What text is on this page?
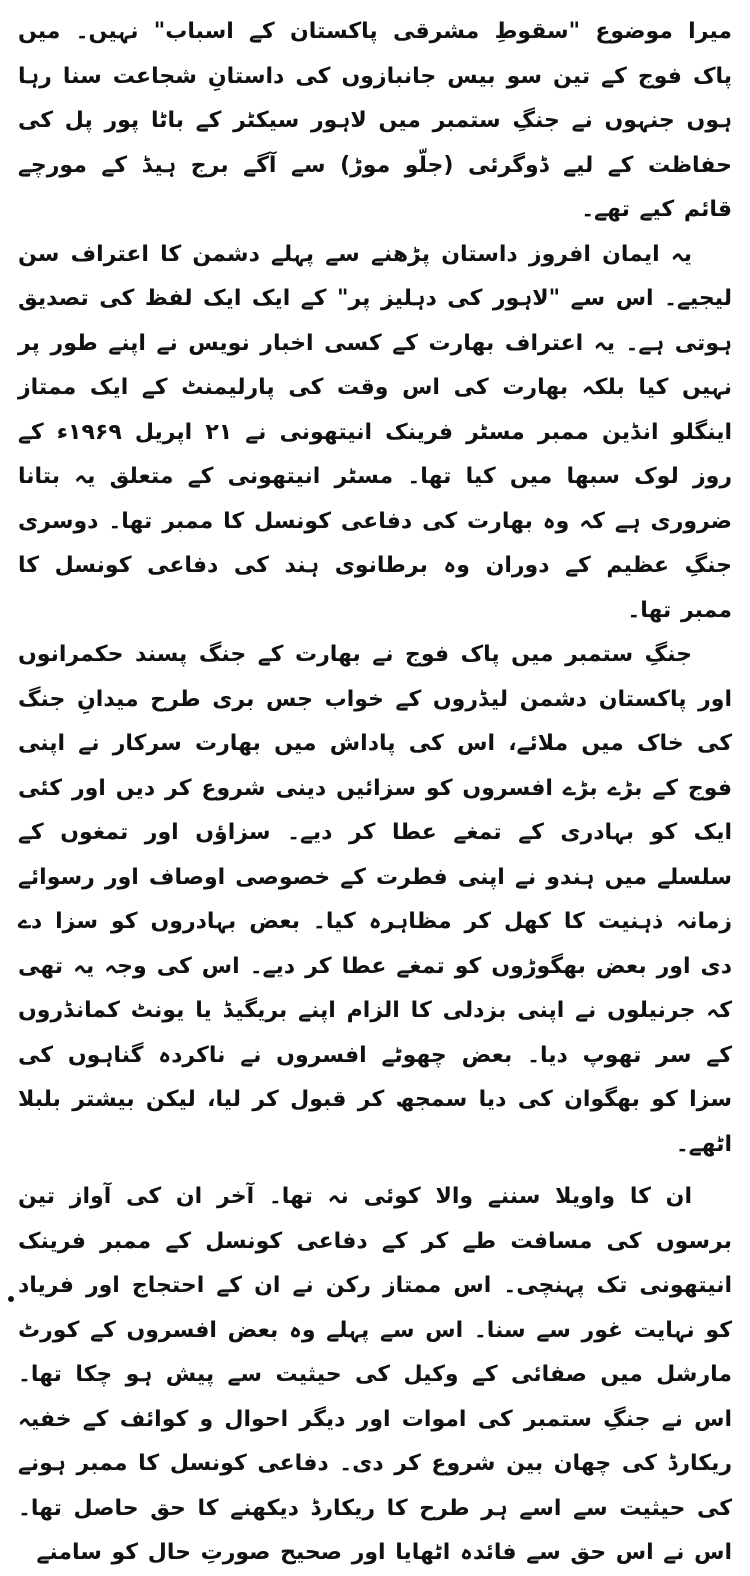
میرا موضوع "سقوطِ مشرقی پاکستان کے اسباب" نہیں۔ میں پاک فوج کے تین سو بیس جانبازوں کی داستانِ شجاعت سنا رہا ہوں جنہوں نے جنگِ ستمبر میں لاہور سیکٹر کے باٹا پور پل کی حفاظت کے لیے ڈوگرئی (جلّو موڑ) سے آگے برج ہیڈ کے مورچے قائم کیے تھے۔

یہ ایمان افروز داستان پڑھنے سے پہلے دشمن کا اعتراف سن لیجیے۔ اس سے "لاہور کی دہلیز پر" کے ایک ایک لفظ کی تصدیق ہوتی ہے۔ یہ اعتراف بھارت کے کسی اخبار نویس نے اپنے طور پر نہیں کیا بلکہ بھارت کی اس وقت کی پارلیمنٹ کے ایک ممتاز اینگلو انڈین ممبر مسٹر فرینک انیتھونی نے ۲۱ اپریل ۱۹۶۹ء کے روز لوک سبھا میں کیا تھا۔ مسٹر انیتھونی کے متعلق یہ بتانا ضروری ہے کہ وہ بھارت کی دفاعی کونسل کا ممبر تھا۔ دوسری جنگِ عظیم کے دوران وہ برطانوی ہند کی دفاعی کونسل کا ممبر تھا۔

جنگِ ستمبر میں پاک فوج نے بھارت کے جنگ پسند حکمرانوں اور پاکستان دشمن لیڈروں کے خواب جس بری طرح میدانِ جنگ کی خاک میں ملائے، اس کی پاداش میں بھارت سرکار نے اپنی فوج کے بڑے بڑے افسروں کو سزائیں دینی شروع کر دیں اور کئی ایک کو بہادری کے تمغے عطا کر دیے۔ سزاؤں اور تمغوں کے سلسلے میں ہندو نے اپنی فطرت کے خصوصی اوصاف اور رسوائے زمانہ ذہنیت کا کھل کر مظاہرہ کیا۔ بعض بہادروں کو سزا دے دی اور بعض بھگوڑوں کو تمغے عطا کر دیے۔ اس کی وجہ یہ تھی کہ جرنیلوں نے اپنی بزدلی کا الزام اپنے بریگیڈ یا یونٹ کمانڈروں کے سر تھوپ دیا۔ بعض چھوٹے افسروں نے ناکردہ گناہوں کی سزا کو بھگوان کی دیا سمجھ کر قبول کر لیا، لیکن بیشتر بلبلا اٹھے۔

ان کا واویلا سننے والا کوئی نہ تھا۔ آخر ان کی آواز تین برسوں کی مسافت طے کر کے دفاعی کونسل کے ممبر فرینک انیتھونی تک پہنچی۔ اس ممتاز رکن نے ان کے احتجاج اور فریاد کو نہایت غور سے سنا۔ اس سے پہلے وہ بعض افسروں کے کورٹ مارشل میں صفائی کے وکیل کی حیثیت سے پیش ہو چکا تھا۔ اس نے جنگِ ستمبر کی اموات اور دیگر احوال و کوائف کے خفیہ ریکارڈ کی چھان بین شروع کر دی۔ دفاعی کونسل کا ممبر ہونے کی حیثیت سے اسے ہر طرح کا ریکارڈ دیکھنے کا حق حاصل تھا۔ اس نے اس حق سے فائدہ اٹھایا اور صحیح صورتِ حال کو سامنے
